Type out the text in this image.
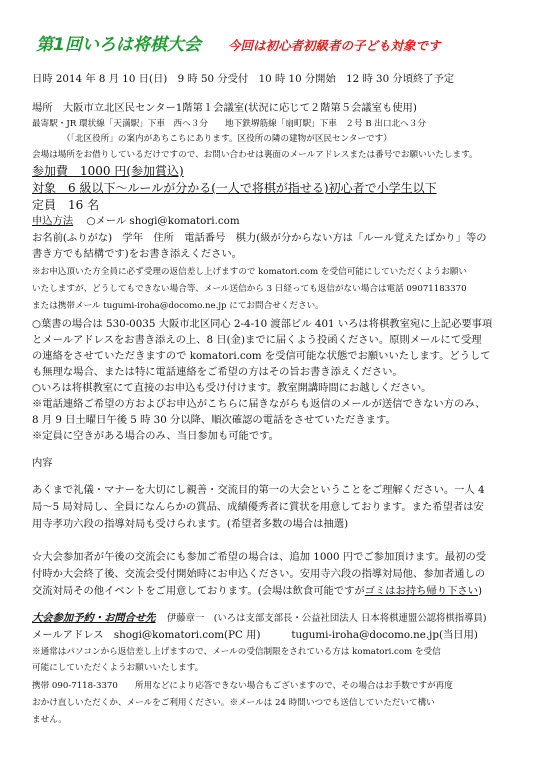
第1回いろは将棋大会 今回は初心者初級者の子ども対象です
日時 2014 年 8 月 10 日(日)　9 時 50 分受付　10 時 10 分開始　12 時 30 分頃終了予定
場所　大阪市立北区民センター1階第１会議室(状況に応じて２階第５会議室も使用)
最寄駅・JR 環状線「天満駅」下車　西へ３分　　地下鉄堺筋線「扇町駅」下車　２号 B 出口北へ３分
（「北区役所」の案内があちこちにあります。区役所の隣の建物が区民センターです）
会場は場所をお借りしているだけですので、お問い合わせは裏面のメールアドレスまたは番号でお願いいたします。
参加費　1000 円(参加賞込)
対象　6 級以下～ルールが分かる(一人で将棋が指せる)初心者で小学生以下
定員　16 名
申込方法 ○メール shogi@komatori.com
お名前(ふりがな)　学年　住所　電話番号　棋力(級が分からない方は「ルール覚えたばかり」等の
書き方でも結構です)をお書き添えください。
※お申込頂いた方全員に必ず受理の返信差し上げますので komatori.com を受信可能にしていただくようお願い
いたしますが、どうしてもできない場合等、メール送信から 3 日経っても返信がない場合は電話 09071183370
または携帯メール tugumi-iroha@docomo.ne.jp にてお問合せください。
○葉書の場合は 530-0035 大阪市北区同心 2-4-10 渡部ビル 401 いろは将棋教室宛に上記必要事項
とメールアドレスをお書き添えの上、8 日(金)までに届くよう投函ください。原則メールにて受理
の連絡をさせていただきますので komatori.com を受信可能な状態でお願いいたします。どうして
も無理な場合、または特に電話連絡をご希望の方はその旨お書き添えください。
○いろは将棋教室にて直接のお申込も受け付けます。教室開講時間にお越しください。
※電話連絡ご希望の方およびお申込がこちらに届きながらも返信のメールが送信できない方のみ、
8 月 9 日土曜日午後 5 時 30 分以降、順次確認の電話をさせていただきます。
※定員に空きがある場合のみ、当日参加も可能です。
内容
あくまで礼儀・マナーを大切にし親善・交流目的第一の大会ということをご理解ください。一人 4
局～5 局対局し、全員になんらかの賞品、成績優秀者に賞状を用意しております。また希望者は安
用寺孝功六段の指導対局も受けられます。(希望者多数の場合は抽選)
☆大会参加者が午後の交流会にも参加ご希望の場合は、追加 1000 円でご参加頂けます。最初の受
付時か大会終了後、交流会受付開始時にお申込ください。安用寺六段の指導対局他、参加者通しの
交流対局その他イベントをご用意しております。(会場は飲食可能ですがゴミはお持ち帰り下さい)
大会参加予約・お問合せ先 伊藤章一　(いろは支部支部長・公益社団法人 日本将棋連盟公認将棋指導員)
メールアドレス　shogi@komatori.com(PC 用)　　　tugumi-iroha@docomo.ne.jp(当日用)
※通常はパソコンから返信差し上げますので、メールの受信制限をされている方は komatori.com を受信
可能にしていただくようお願いいたします。
携帯 090-7118-3370　　所用などにより応答できない場合もございますので、その場合はお手数ですが再度
おかけ直しいただくか、メールをご利用ください。※メールは 24 時間いつでも送信していただいて構い
ません。
